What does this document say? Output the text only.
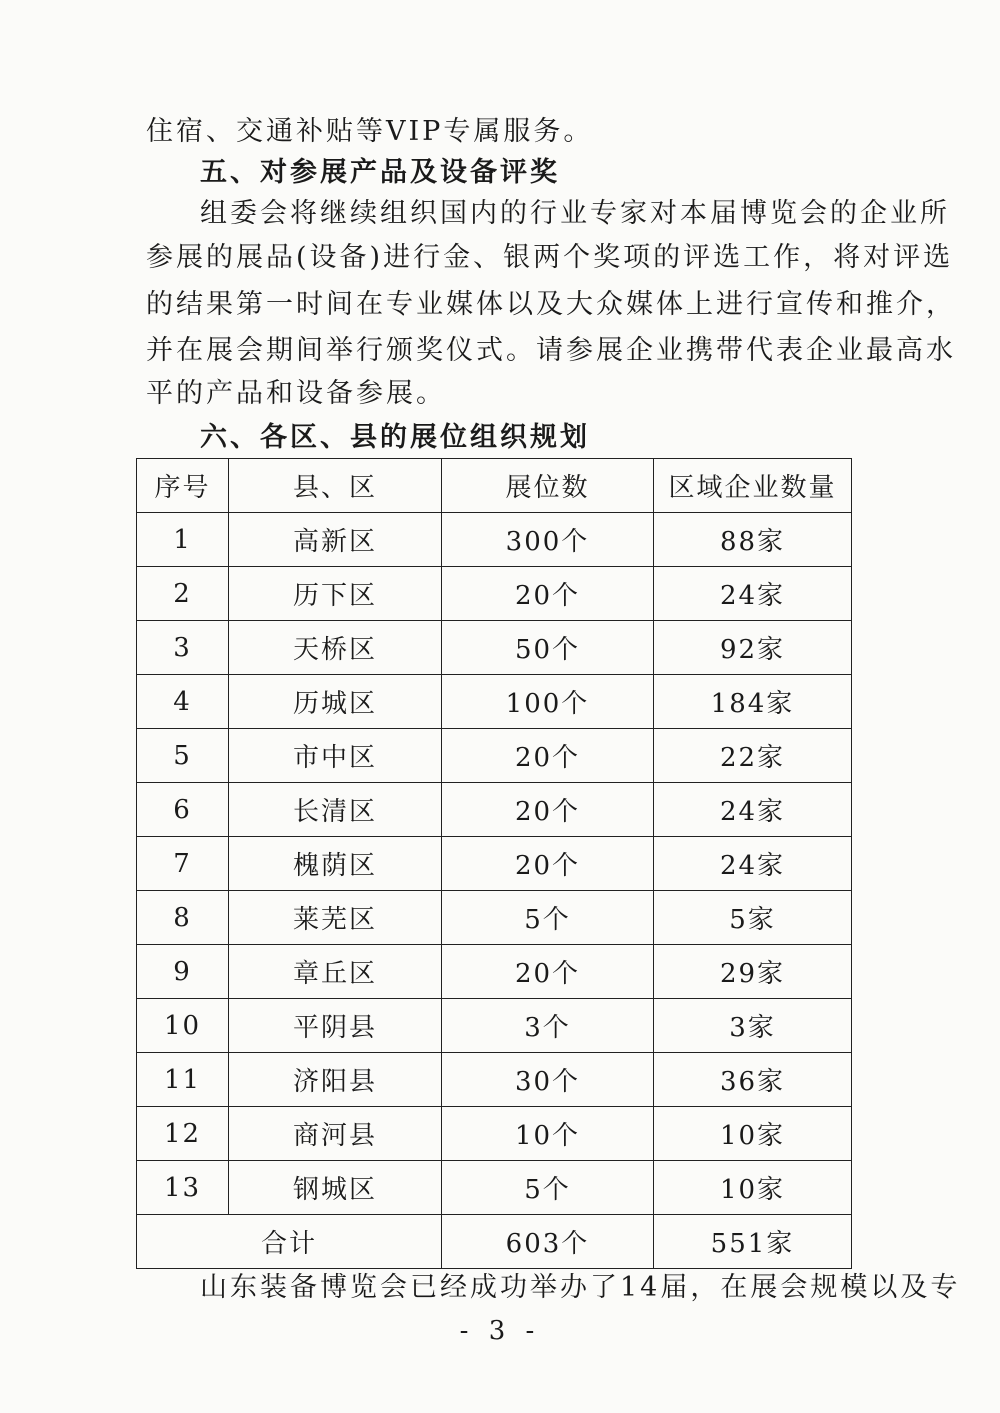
住宿、交通补贴等VIP专属服务。
五、对参展产品及设备评奖
组委会将继续组织国内的行业专家对本届博览会的企业所
参展的展品(设备)进行金、银两个奖项的评选工作，将对评选
的结果第一时间在专业媒体以及大众媒体上进行宣传和推介，
并在展会期间举行颁奖仪式。请参展企业携带代表企业最高水
平的产品和设备参展。
六、各区、县的展位组织规划
序号	县、区	展位数	区域企业数量
1	高新区	300个	88家
2	历下区	20个	24家
3	天桥区	50个	92家
4	历城区	100个	184家
5	市中区	20个	22家
6	长清区	20个	24家
7	槐荫区	20个	24家
8	莱芜区	5个	5家
9	章丘区	20个	29家
10	平阴县	3个	3家
11	济阳县	30个	36家
12	商河县	10个	10家
13	钢城区	5个	10家
合计		603个	551家
山东装备博览会已经成功举办了14届，在展会规模以及专
- 3 -
